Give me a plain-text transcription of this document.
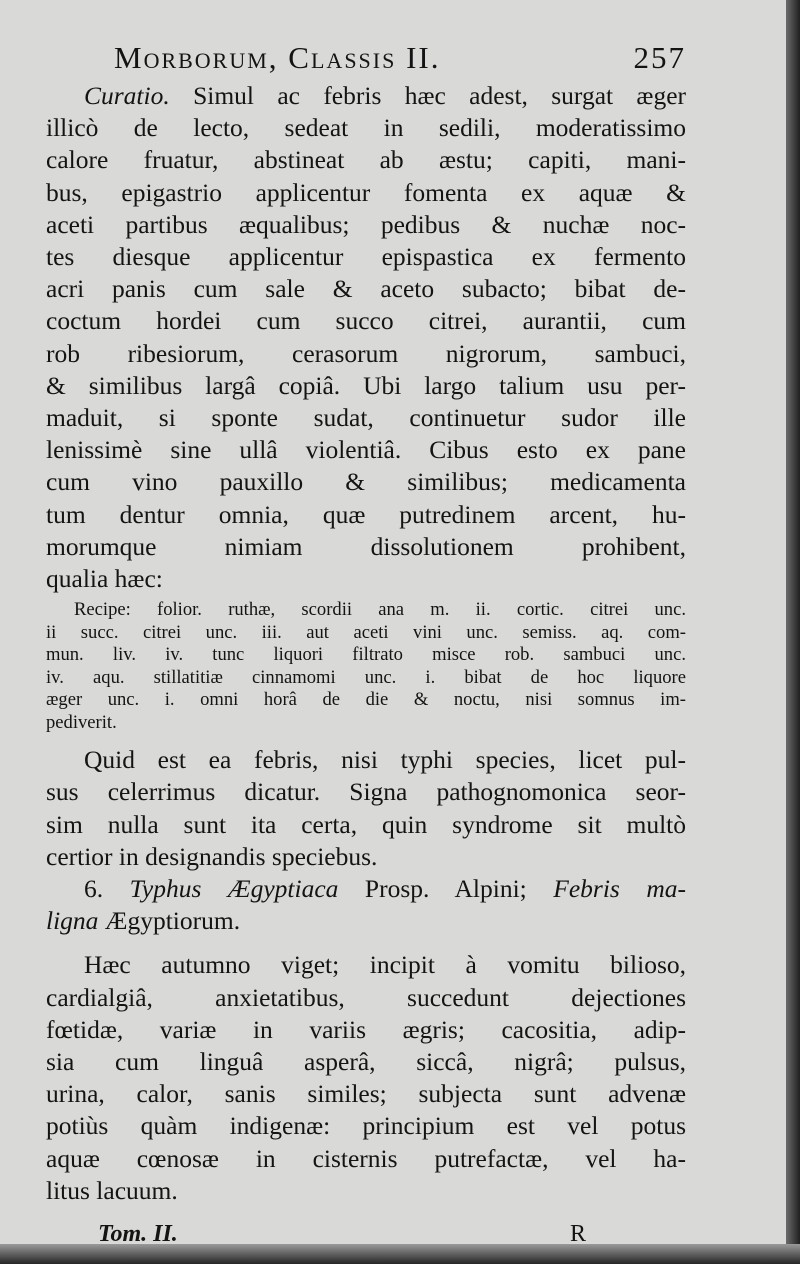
Morborum, Classis II.	257

Curatio. Simul ac febris hæc adest, surgat æger
illicò de lecto, sedeat in sedili, moderatissimo
calore fruatur, abstineat ab æstu; capiti, mani-
bus, epigastrio applicentur fomenta ex aquæ &
aceti partibus æqualibus; pedibus & nuchæ noc-
tes diesque applicentur epispastica ex fermento
acri panis cum sale & aceto subacto; bibat de-
coctum hordei cum succo citrei, aurantii, cum
rob ribesiorum, cerasorum nigrorum, sambuci,
& similibus largâ copiâ. Ubi largo talium usu per-
maduit, si sponte sudat, continuetur sudor ille
lenissimè sine ullâ violentiâ. Cibus esto ex pane
cum vino pauxillo & similibus; medicamenta
tum dentur omnia, quæ putredinem arcent, hu-
morumque nimiam dissolutionem prohibent,
qualia hæc:

Recipe: folior. ruthæ, scordii ana m. ii. cortic. citrei unc.
ii succ. citrei unc. iii. aut aceti vini unc. semiss. aq. com-
mun. liv. iv. tunc liquori filtrato misce rob. sambuci unc.
iv. aqu. stillatitiæ cinnamomi unc. i. bibat de hoc liquore
æger unc. i. omni horâ de die & noctu, nisi somnus im-
pediverit.

Quid est ea febris, nisi typhi species, licet pul-
sus celerrimus dicatur. Signa pathognomonica seor-
sim nulla sunt ita certa, quin syndrome sit multò
certior in designandis speciebus.

6. Typhus Ægyptiaca Prosp. Alpini; Febris ma-
ligna Ægyptiorum.

Hæc autumno viget; incipit à vomitu bilioso,
cardialgiâ, anxietatibus, succedunt dejectiones
fœtidæ, variæ in variis ægris; cacositia, adip-
sia cum linguâ asperâ, siccâ, nigrâ; pulsus,
urina, calor, sanis similes; subjecta sunt advenæ
potiùs quàm indigenæ: principium est vel potus
aquæ cœnosæ in cisternis putrefactæ, vel ha-
litus lacuum.

Tom. II.	R
